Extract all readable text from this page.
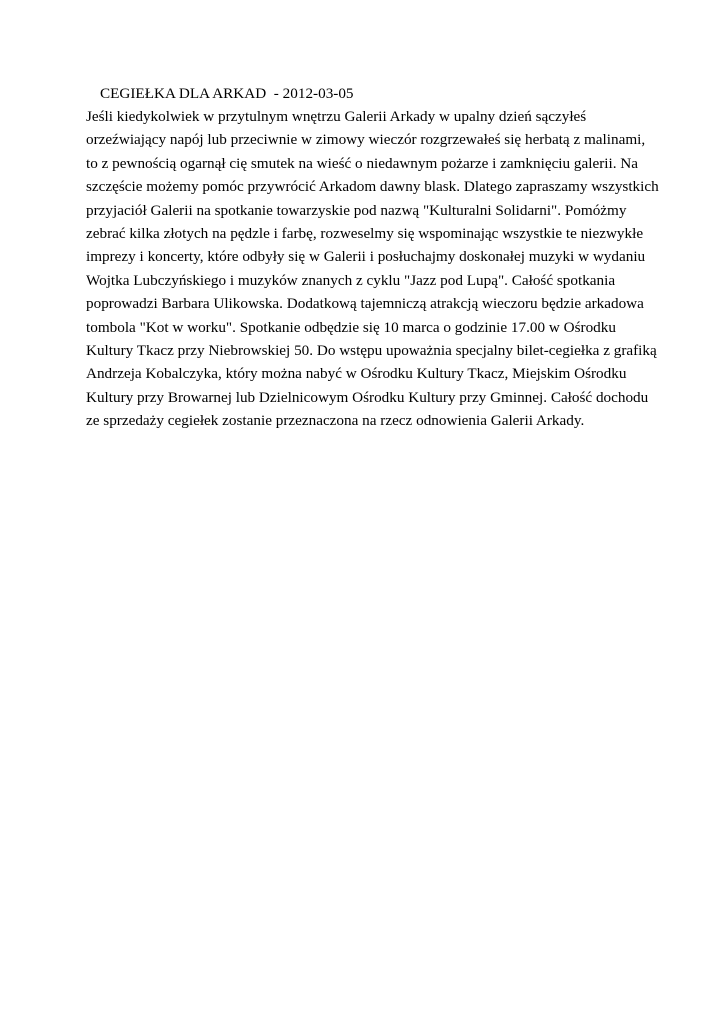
CEGIEŁKA DLA ARKAD  - 2012-03-05
Jeśli kiedykolwiek w przytulnym wnętrzu Galerii Arkady w upalny dzień sączyłeś
orzeźwiający napój lub przeciwnie w zimowy wieczór rozgrzewałeś się herbatą z malinami,
to z pewnością ogarnął cię smutek na wieść o niedawnym pożarze i zamknięciu galerii. Na
szczęście możemy pomóc przywrócić Arkadom dawny blask. Dlatego zapraszamy wszystkich
przyjaciół Galerii na spotkanie towarzyskie pod nazwą "Kulturalni Solidarni". Pomóżmy
zebrać kilka złotych na pędzle i farbę, rozweselmy się wspominając wszystkie te niezwykłe
imprezy i koncerty, które odbyły się w Galerii i posłuchajmy doskonałej muzyki w wydaniu
Wojtka Lubczyńskiego i muzyków znanych z cyklu "Jazz pod Lupą". Całość spotkania
poprowadzi Barbara Ulikowska. Dodatkową tajemniczą atrakcją wieczoru będzie arkadowa
tombola "Kot w worku". Spotkanie odbędzie się 10 marca o godzinie 17.00 w Ośrodku
Kultury Tkacz przy Niebrowskiej 50. Do wstępu upoważnia specjalny bilet-cegiełka z grafiką
Andrzeja Kobalczyka, który można nabyć w Ośrodku Kultury Tkacz, Miejskim Ośrodku
Kultury przy Browarnej lub Dzielnicowym Ośrodku Kultury przy Gminnej. Całość dochodu
ze sprzedaży cegiełek zostanie przeznaczona na rzecz odnowienia Galerii Arkady.
